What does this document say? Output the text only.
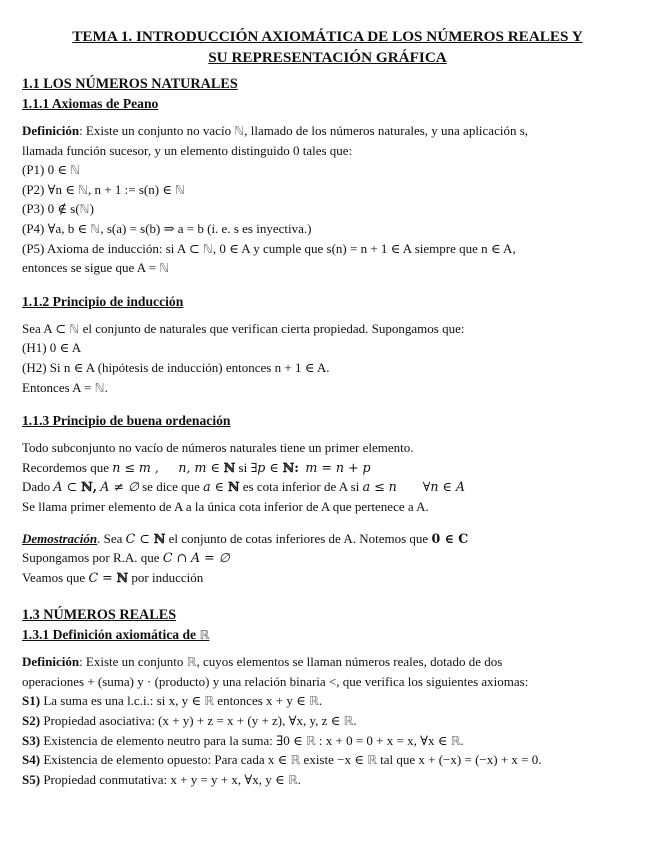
TEMA 1. INTRODUCCIÓN AXIOMÁTICA DE LOS NÚMEROS REALES Y
SU REPRESENTACIÓN GRÁFICA
1.1 LOS NÚMEROS NATURALES
1.1.1 Axiomas de Peano

Definición: Existe un conjunto no vacío ℕ, llamado de los números naturales, y una aplicación s,

llamada función sucesor, y un elemento distinguido 0 tales que:

(P1) 0 ∈ ℕ

(P2) ∀n ∈ ℕ, n + 1 := s(n) ∈ ℕ

(P3) 0 ∉ s(ℕ)

(P4) ∀a, b ∈ ℕ, s(a) = s(b) ⇒ a = b (i. e. s es inyectiva.)

(P5) Axioma de inducción: si A ⊂ ℕ, 0 ∈ A y cumple que s(n) = n + 1 ∈ A siempre que n ∈ A,

entonces se sigue que A = ℕ

1.1.2 Principio de inducción

Sea A ⊂ ℕ el conjunto de naturales que verifican cierta propiedad. Supongamos que:

(H1) 0 ∈ A

(H2) Si n ∈ A (hipótesis de inducción) entonces n + 1 ∈ A.

Entonces A = ℕ.

1.1.3 Principio de buena ordenación

Todo subconjunto no vacío de números naturales tiene un primer elemento.

Recordemos que n ≤ m , n, m ∈ ℕ si ∃p ∈ ℕ: m = n + p

Dado A ⊂ ℕ, A ≠ ∅ se dice que a ∈ ℕ es cota inferior de A si a ≤ n ∀n ∈ A

Se llama primer elemento de A a la única cota inferior de A que pertenece a A.

Demostración. Sea C ⊂ ℕ el conjunto de cotas inferiores de A. Notemos que 0 ∈ C

Supongamos por R.A. que C ∩ A = ∅

Veamos que C = ℕ por inducción

1.3 NÚMEROS REALES
1.3.1 Definición axiomática de ℝ

Definición: Existe un conjunto ℝ, cuyos elementos se llaman números reales, dotado de dos

operaciones + (suma) y · (producto) y una relación binaria <, que verifica los siguientes axiomas:

S1) La suma es una l.c.i.: si x, y ∈ ℝ entonces x + y ∈ ℝ.

S2) Propiedad asociativa: (x + y) + z = x + (y + z), ∀x, y, z ∈ ℝ.

S3) Existencia de elemento neutro para la suma: ∃0 ∈ ℝ : x + 0 = 0 + x = x, ∀x ∈ ℝ.

S4) Existencia de elemento opuesto: Para cada x ∈ ℝ existe −x ∈ ℝ tal que x + (−x) = (−x) + x = 0.

S5) Propiedad conmutativa: x + y = y + x, ∀x, y ∈ ℝ.
